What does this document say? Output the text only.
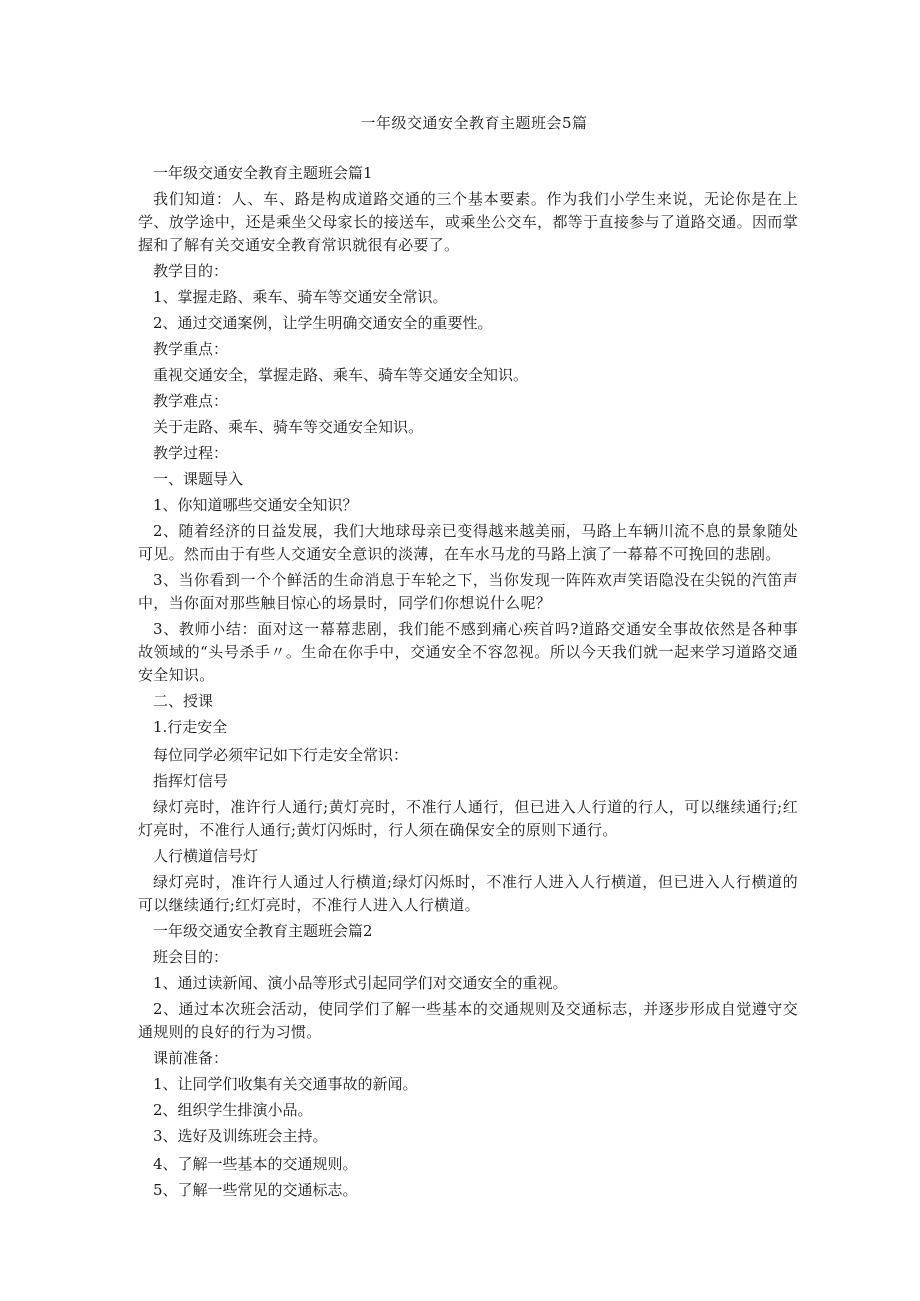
一年级交通安全教育主题班会5篇
一年级交通安全教育主题班会篇1
我们知道：人、车、路是构成道路交通的三个基本要素。作为我们小学生来说，无论你是在上学、放学途中，还是乘坐父母家长的接送车，或乘坐公交车，都等于直接参与了道路交通。因而掌握和了解有关交通安全教育常识就很有必要了。
教学目的：
1、掌握走路、乘车、骑车等交通安全常识。
2、通过交通案例，让学生明确交通安全的重要性。
教学重点：
重视交通安全，掌握走路、乘车、骑车等交通安全知识。
教学难点：
关于走路、乘车、骑车等交通安全知识。
教学过程：
一、课题导入
1、你知道哪些交通安全知识？
2、随着经济的日益发展，我们大地球母亲已变得越来越美丽，马路上车辆川流不息的景象随处可见。然而由于有些人交通安全意识的淡薄，在车水马龙的马路上演了一幕幕不可挽回的悲剧。
3、当你看到一个个鲜活的生命消息于车轮之下，当你发现一阵阵欢声笑语隐没在尖锐的汽笛声中，当你面对那些触目惊心的场景时，同学们你想说什么呢？
3、教师小结：面对这一幕幕悲剧，我们能不感到痛心疾首吗?道路交通安全事故依然是各种事故领域的“头号杀手〃。生命在你手中，交通安全不容忽视。所以今天我们就一起来学习道路交通安全知识。
二、授课
1.行走安全
每位同学必须牢记如下行走安全常识：
指挥灯信号
绿灯亮时，准许行人通行;黄灯亮时，不准行人通行，但已进入人行道的行人，可以继续通行;红灯亮时，不准行人通行;黄灯闪烁时，行人须在确保安全的原则下通行。
人行横道信号灯
绿灯亮时，准许行人通过人行横道;绿灯闪烁时，不准行人进入人行横道，但已进入人行横道的可以继续通行;红灯亮时，不准行人进入人行横道。
一年级交通安全教育主题班会篇2
班会目的：
1、通过读新闻、演小品等形式引起同学们对交通安全的重视。
2、通过本次班会活动，使同学们了解一些基本的交通规则及交通标志，并逐步形成自觉遵守交通规则的良好的行为习惯。
课前准备：
1、让同学们收集有关交通事故的新闻。
2、组织学生排演小品。
3、选好及训练班会主持。
4、了解一些基本的交通规则。
5、了解一些常见的交通标志。
